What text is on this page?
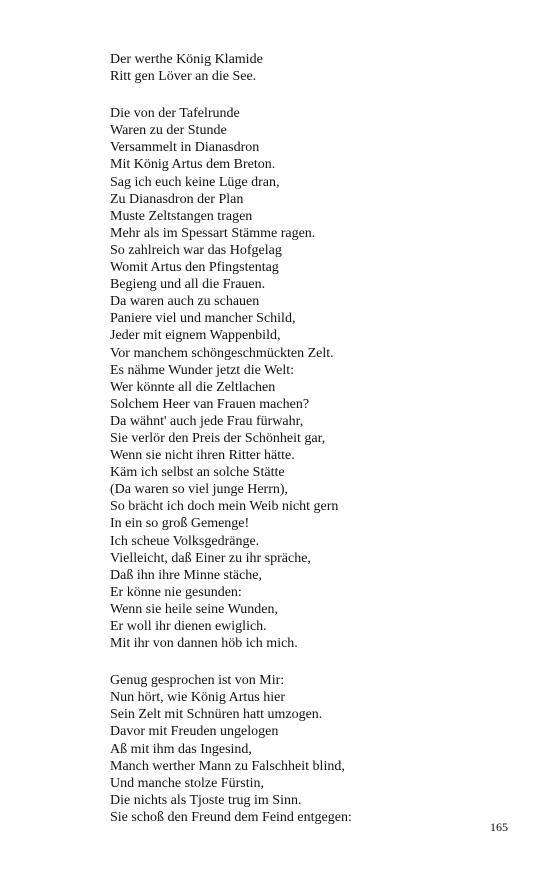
Der werthe König Klamide
Ritt gen Löver an die See.
Die von der Tafelrunde
Waren zu der Stunde
Versammelt in Dianasdron
Mit König Artus dem Breton.
Sag ich euch keine Lüge dran,
Zu Dianasdron der Plan
Muste Zeltstangen tragen
Mehr als im Spessart Stämme ragen.
So zahlreich war das Hofgelag
Womit Artus den Pfingstentag
Begieng und all die Frauen.
Da waren auch zu schauen
Paniere viel und mancher Schild,
Jeder mit eignem Wappenbild,
Vor manchem schöngeschmückten Zelt.
Es nähme Wunder jetzt die Welt:
Wer könnte all die Zeltlachen
Solchem Heer van Frauen machen?
Da wähnt' auch jede Frau fürwahr,
Sie verlör den Preis der Schönheit gar,
Wenn sie nicht ihren Ritter hätte.
Käm ich selbst an solche Stätte
(Da waren so viel junge Herrn),
So brächt ich doch mein Weib nicht gern
In ein so groß Gemenge!
Ich scheue Volksgedränge.
Vielleicht, daß Einer zu ihr spräche,
Daß ihn ihre Minne stäche,
Er könne nie gesunden:
Wenn sie heile seine Wunden,
Er woll ihr dienen ewiglich.
Mit ihr von dannen höb ich mich.
Genug gesprochen ist von Mir:
Nun hört, wie König Artus hier
Sein Zelt mit Schnüren hatt umzogen.
Davor mit Freuden ungelogen
Aß mit ihm das Ingesind,
Manch werther Mann zu Falschheit blind,
Und manche stolze Fürstin,
Die nichts als Tjoste trug im Sinn.
Sie schoß den Freund dem Feind entgegen:
165
